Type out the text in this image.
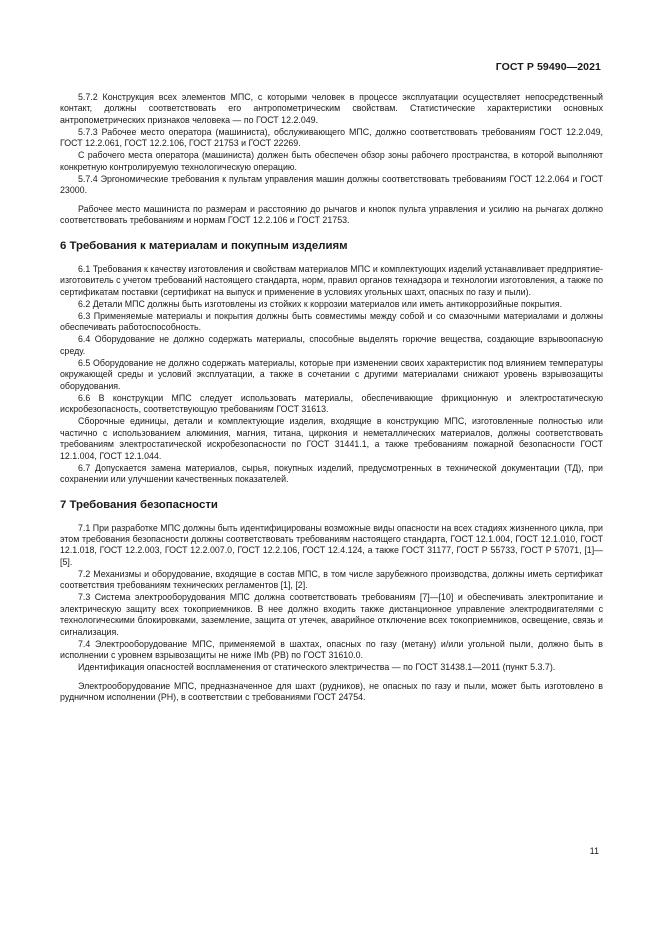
ГОСТ Р 59490—2021

5.7.2 Конструкция всех элементов МПС, с которыми человек в процессе эксплуатации осуществляет непосредственный контакт, должны соответствовать его антропометрическим свойствам. Статистические характеристики основных антропометрических признаков человека — по ГОСТ 12.2.049.

5.7.3 Рабочее место оператора (машиниста), обслуживающего МПС, должно соответствовать требованиям ГОСТ 12.2.049, ГОСТ 12.2.061, ГОСТ 12.2.106, ГОСТ 21753 и ГОСТ 22269.

С рабочего места оператора (машиниста) должен быть обеспечен обзор зоны рабочего пространства, в которой выполняют конкретную контролируемую технологическую операцию.

5.7.4 Эргономические требования к пультам управления машин должны соответствовать требованиям ГОСТ 12.2.064 и ГОСТ 23000.

Рабочее место машиниста по размерам и расстоянию до рычагов и кнопок пульта управления и усилию на рычагах должно соответствовать требованиям и нормам ГОСТ 12.2.106 и ГОСТ 21753.

6 Требования к материалам и покупным изделиям

6.1 Требования к качеству изготовления и свойствам материалов МПС и комплектующих изделий устанавливает предприятие-изготовитель с учетом требований настоящего стандарта, норм, правил органов технадзора и технологии изготовления, а также по сертификатам поставки (сертификат на выпуск и применение в условиях угольных шахт, опасных по газу и пыли).

6.2 Детали МПС должны быть изготовлены из стойких к коррозии материалов или иметь антикоррозийные покрытия.

6.3 Применяемые материалы и покрытия должны быть совместимы между собой и со смазочными материалами и должны обеспечивать работоспособность.

6.4 Оборудование не должно содержать материалы, способные выделять горючие вещества, создающие взрывоопасную среду.

6.5 Оборудование не должно содержать материалы, которые при изменении своих характеристик под влиянием температуры окружающей среды и условий эксплуатации, а также в сочетании с другими материалами снижают уровень взрывозащиты оборудования.

6.6 В конструкции МПС следует использовать материалы, обеспечивающие фрикционную и электростатическую искробезопасность, соответствующую требованиям ГОСТ 31613.

Сборочные единицы, детали и комплектующие изделия, входящие в конструкцию МПС, изготовленные полностью или частично с использованием алюминия, магния, титана, циркония и неметаллических материалов, должны соответствовать требованиям электростатической искробезопасности по ГОСТ 31441.1, а также требованиям пожарной безопасности ГОСТ 12.1.004, ГОСТ 12.1.044.

6.7 Допускается замена материалов, сырья, покупных изделий, предусмотренных в технической документации (ТД), при сохранении или улучшении качественных показателей.

7 Требования безопасности

7.1 При разработке МПС должны быть идентифицированы возможные виды опасности на всех стадиях жизненного цикла, при этом требования безопасности должны соответствовать требованиям настоящего стандарта, ГОСТ 12.1.004, ГОСТ 12.1.010, ГОСТ 12.1.018, ГОСТ 12.2.003, ГОСТ 12.2.007.0, ГОСТ 12.2.106, ГОСТ 12.4.124, а также ГОСТ 31177, ГОСТ Р 55733, ГОСТ Р 57071, [1]—[5].

7.2 Механизмы и оборудование, входящие в состав МПС, в том числе зарубежного производства, должны иметь сертификат соответствия требованиям технических регламентов [1], [2].

7.3 Система электрооборудования МПС должна соответствовать требованиям [7]—[10] и обеспечивать электропитание и электрическую защиту всех токоприемников. В нее должно входить также дистанционное управление электродвигателями с технологическими блокировками, заземление, защита от утечек, аварийное отключение всех токоприемников, освещение, связь и сигнализация.

7.4 Электрооборудование МПС, применяемой в шахтах, опасных по газу (метану) и/или угольной пыли, должно быть в исполнении с уровнем взрывозащиты не ниже IMb (РВ) по ГОСТ 31610.0.

Идентификация опасностей воспламенения от статического электричества — по ГОСТ 31438.1—2011 (пункт 5.3.7).

Электрооборудование МПС, предназначенное для шахт (рудников), не опасных по газу и пыли, может быть изготовлено в рудничном исполнении (РН), в соответствии с требованиями ГОСТ 24754.

11
